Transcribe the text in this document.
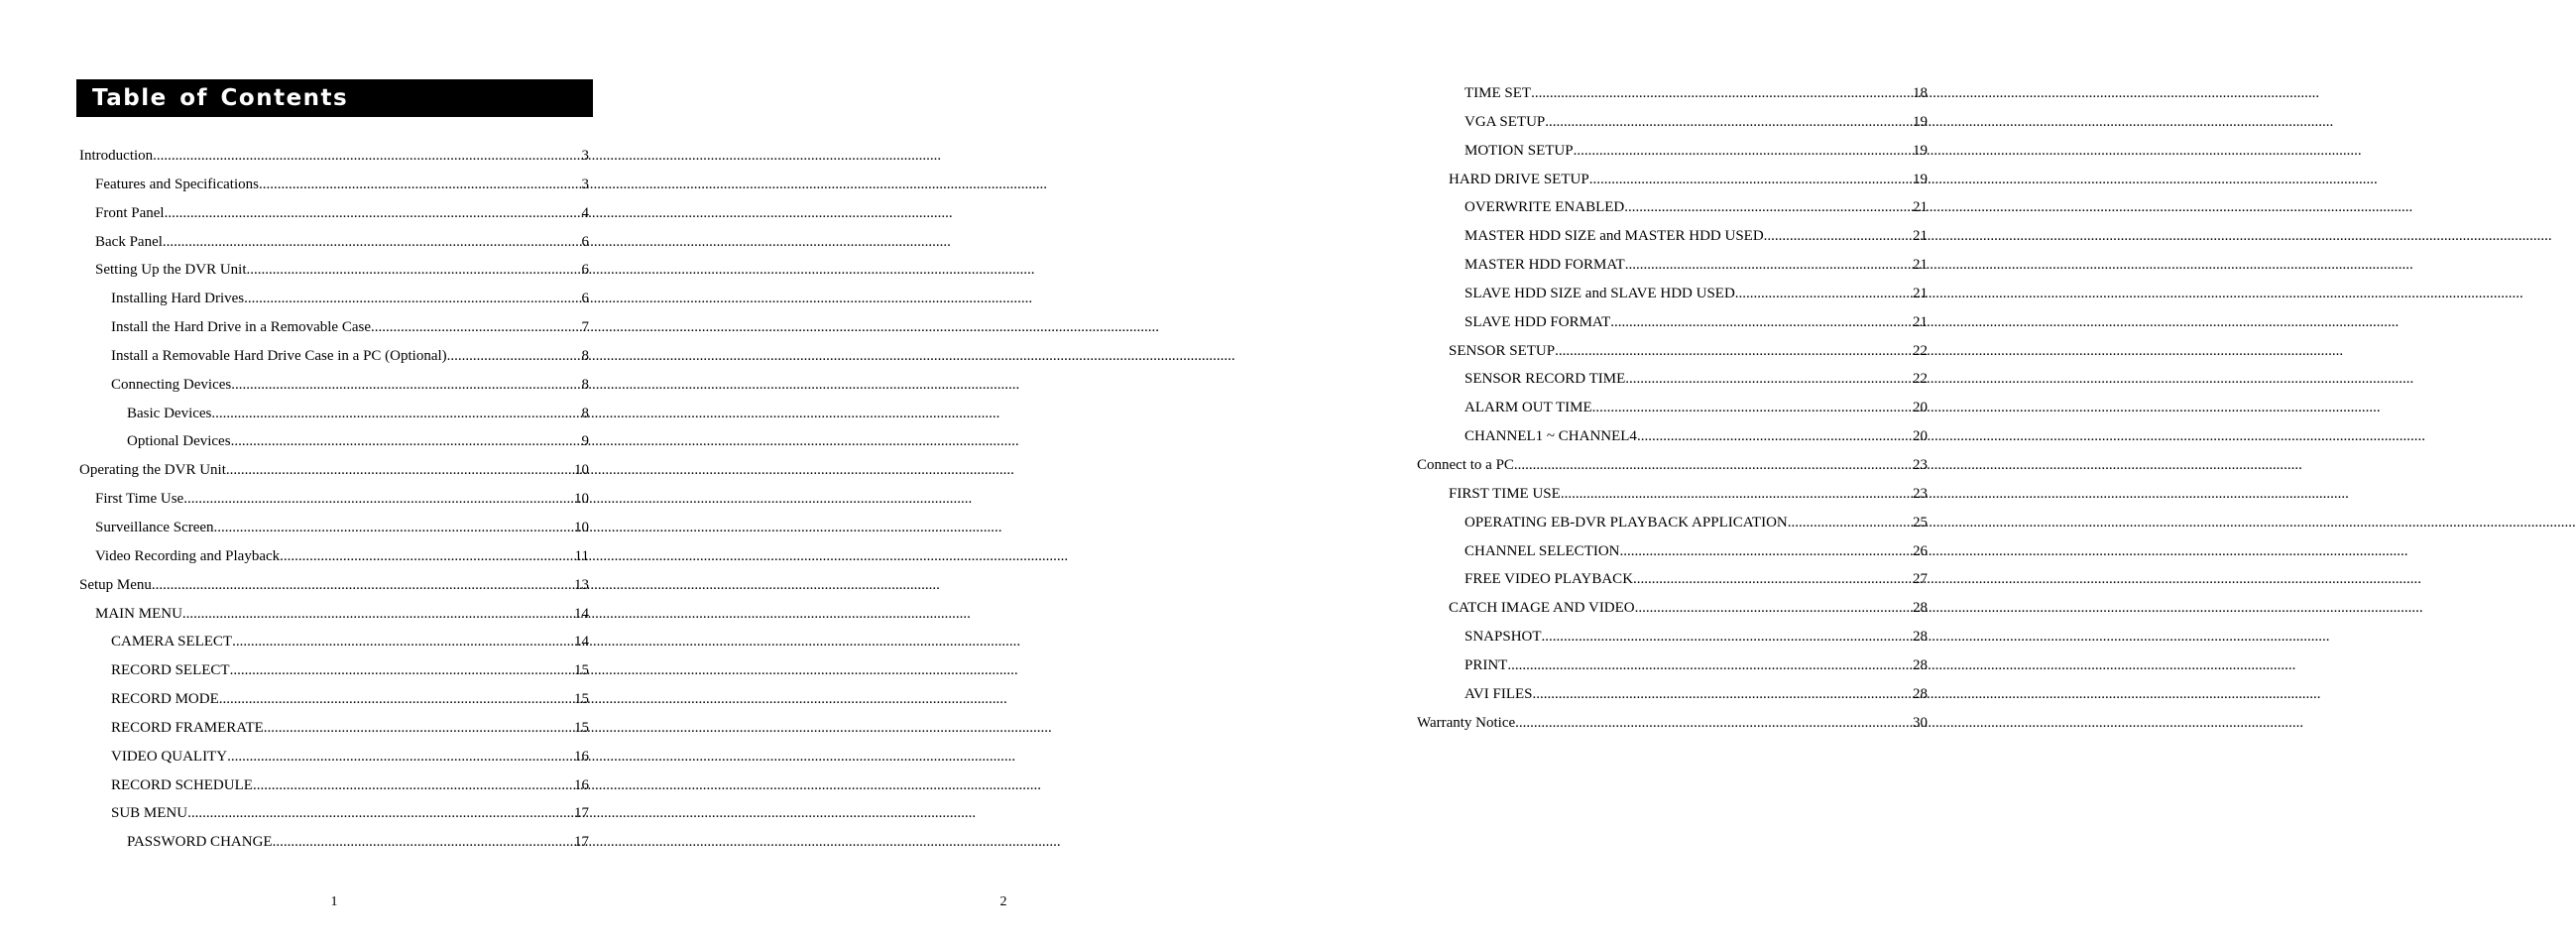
Table of Contents
Introduction .....	3
Features and Specifications .....	3
Front Panel .....	4
Back Panel .....	6
Setting Up the DVR Unit .....	6
Installing Hard Drives .....	6
Install the Hard Drive in a Removable Case .....	7
Install a Removable Hard Drive Case in a PC (Optional) .....	8
Connecting Devices .....	8
Basic Devices .....	8
Optional Devices .....	9
Operating the DVR Unit .....	10
First Time Use .....	10
Surveillance Screen .....	10
Video Recording and Playback .....	11
Setup Menu .....	13
MAIN MENU .....	14
CAMERA SELECT .....	14
RECORD SELECT .....	15
RECORD MODE .....	15
RECORD FRAMERATE .....	15
VIDEO QUALITY .....	16
RECORD SCHEDULE .....	16
SUB MENU .....	17
PASSWORD CHANGE .....	17
1
TIME SET .....	18
VGA SETUP .....	19
MOTION SETUP .....	19
HARD DRIVE SETUP .....	19
OVERWRITE ENABLED .....	21
MASTER HDD SIZE and MASTER HDD USED .....	21
MASTER HDD FORMAT .....	21
SLAVE HDD SIZE and SLAVE HDD USED .....	21
SLAVE HDD FORMAT .....	21
SENSOR SETUP .....	22
SENSOR RECORD TIME .....	22
ALARM OUT TIME .....	20
CHANNEL1 ~ CHANNEL4 .....	20
Connect to a PC .....	23
FIRST TIME USE .....	23
OPERATING EB-DVR PLAYBACK APPLICATION .....	25
CHANNEL SELECTION .....	26
FREE VIDEO PLAYBACK .....	27
CATCH IMAGE AND VIDEO .....	28
SNAPSHOT .....	28
PRINT .....	28
AVI FILES .....	28
Warranty Notice .....	30
2
